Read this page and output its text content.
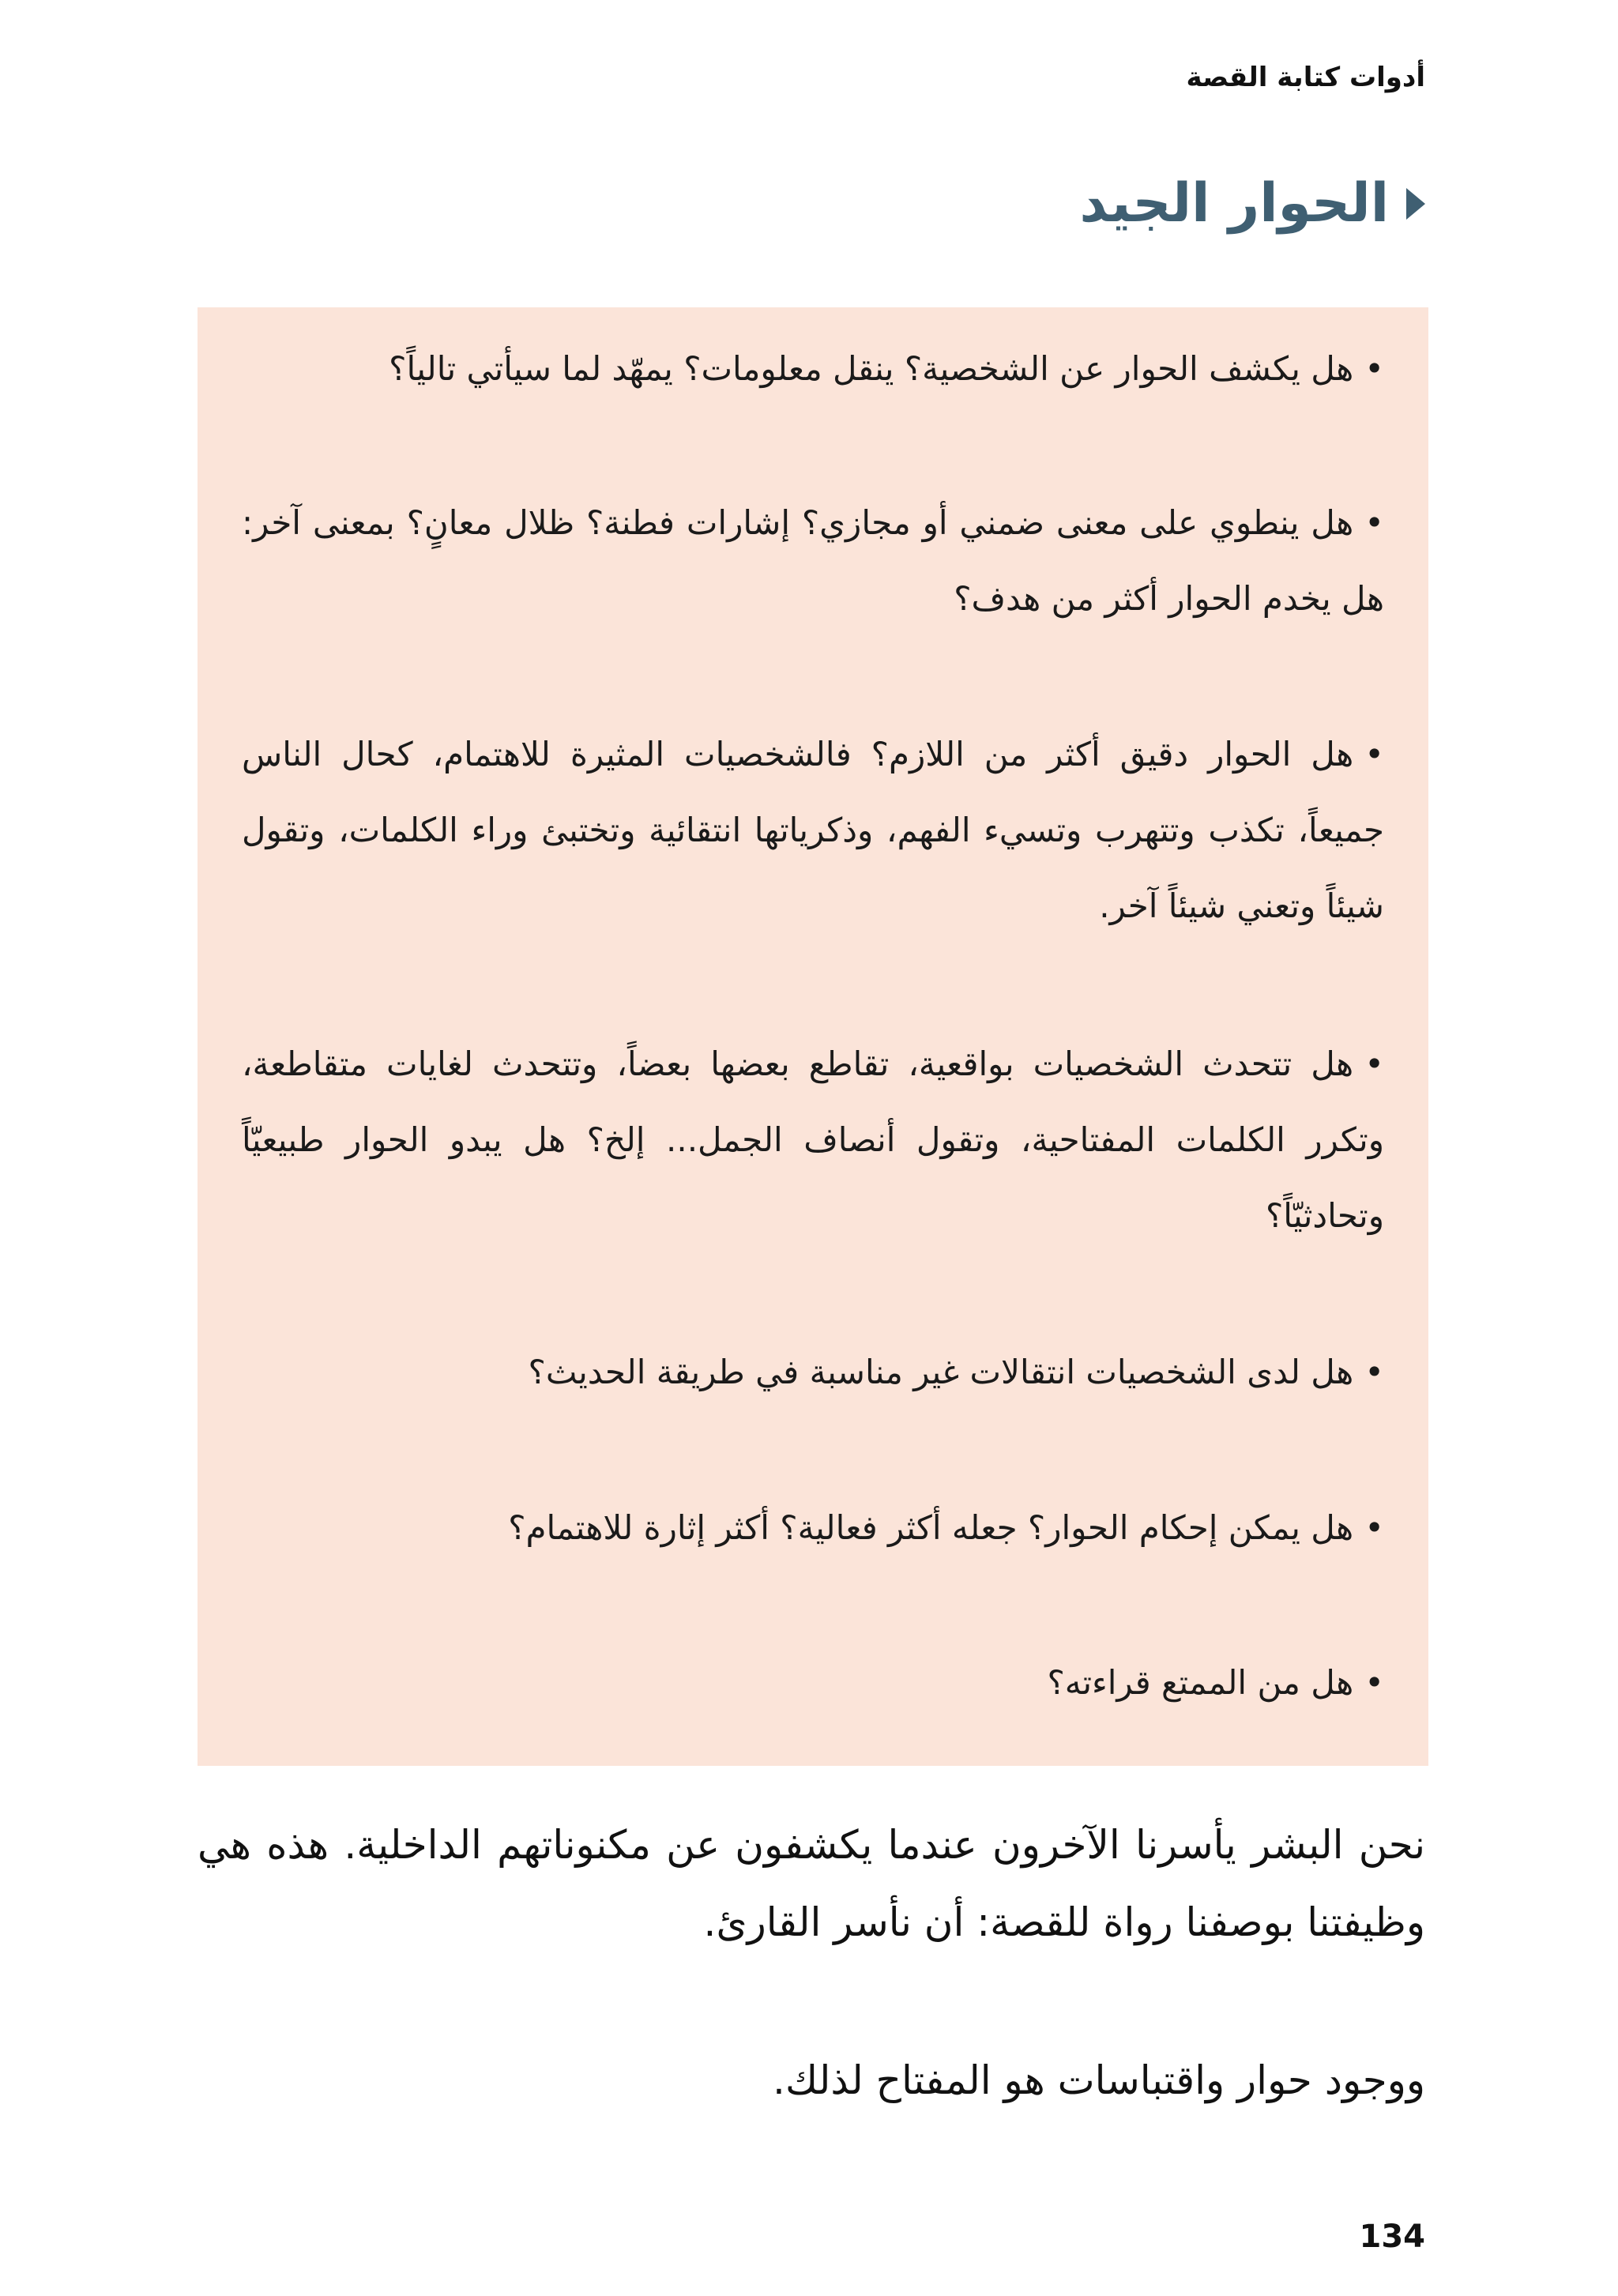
أدوات كتابة القصة
الحوار الجيد

•هل يكشف الحوار عن الشخصية؟ ينقل معلومات؟ يمهّد لما سيأتي تالياً؟

•هل ينطوي على معنى ضمني أو مجازي؟ إشارات فطنة؟ ظلال معانٍ؟ بمعنى آخر: هل يخدم الحوار أكثر من هدف؟

•هل الحوار دقيق أكثر من اللازم؟ فالشخصيات المثيرة للاهتمام، كحال الناس جميعاً، تكذب وتتهرب وتسيء الفهم، وذكرياتها انتقائية وتختبئ وراء الكلمات، وتقول شيئاً وتعني شيئاً آخر.

•هل تتحدث الشخصيات بواقعية، تقاطع بعضها بعضاً، وتتحدث لغايات متقاطعة، وتكرر الكلمات المفتاحية، وتقول أنصاف الجمل... إلخ؟ هل يبدو الحوار طبيعيّاً وتحادثيّاً؟

•هل لدى الشخصيات انتقالات غير مناسبة في طريقة الحديث؟

•هل يمكن إحكام الحوار؟ جعله أكثر فعالية؟ أكثر إثارة للاهتمام؟

•هل من الممتع قراءته؟

نحن البشر يأسرنا الآخرون عندما يكشفون عن مكنوناتهم الداخلية. هذه هي وظيفتنا بوصفنا رواة للقصة: أن نأسر القارئ.

ووجود حوار واقتباسات هو المفتاح لذلك.

134
